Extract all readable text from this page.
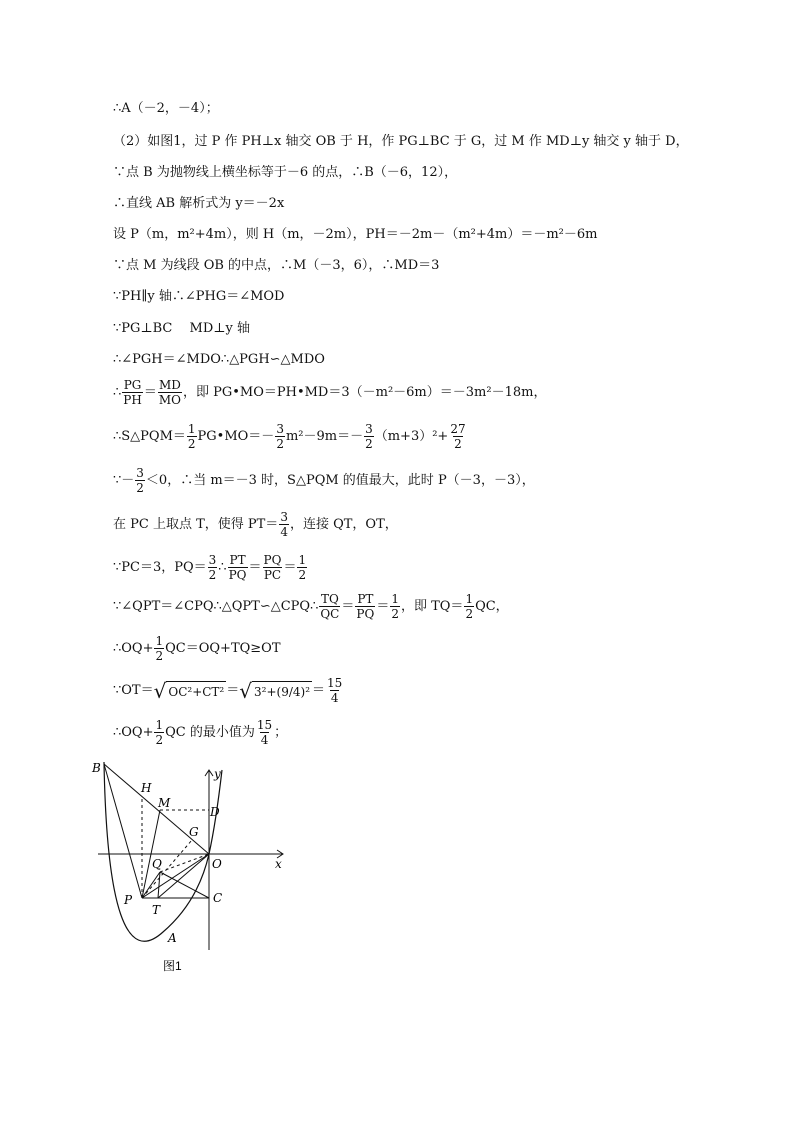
∴A（－2，－4）；
（2）如图1，过 P 作 PH⊥x 轴交 OB 于 H，作 PG⊥BC 于 G，过 M 作 MD⊥y 轴交 y 轴于 D，
∵点 B 为抛物线上横坐标等于－6 的点，∴B（－6，12），
∴直线 AB 解析式为 y＝－2x
设 P（m，m²+4m），则 H（m，－2m），PH＝－2m－（m²+4m）＝－m²－6m
∵点 M 为线段 OB 的中点，∴M（－3，6），∴MD＝3
∵PH∥y 轴∴∠PHG＝∠MOD
∵PG⊥BC　 MD⊥y 轴
∴∠PGH＝∠MDO∴△PGH∽△MDO
∴ $\frac{PG}{PH} = \frac{MD}{MO}$ ，即 PG•MO＝PH•MD＝3（－m²－6m）＝－3m²－18m，
∴S△PQM＝ $\frac{1}{2}$ PG•MO＝－ $\frac{3}{2} m^2-9m=- \frac{3}{2} (m+3)^2+ \frac{27}{2}$
∵－ $\frac{3}{2} <0$，∴当 m＝－3 时，S△PQM 的值最大，此时 P（－3，－3），
在 PC 上取点 T，使得 $PT= \frac{3}{4}$ ，连接 QT，OT，
∵PC＝3，$PQ= \frac{3}{2}$ ∴ $\frac{PT}{PQ} = \frac{PQ}{PC} = \frac{1}{2}$
∵∠QPT＝∠CPQ∴△QPT∽△CPQ∴ $\frac{TQ}{QC} = \frac{PT}{PQ} = \frac{1}{2}$ ，即 $TQ= \frac{1}{2}$ QC，
∴OQ+ $\frac{1}{2} QC=OQ+TQ\ge OT$
∵OT＝ √ OC²+CT² ＝ √ $3^2+(9/4)^2 = \frac{15}{4}$
∴OQ+ $\frac{1}{2}$ QC 的最小值为 $\frac{15}{4}$ ；
B
H
M
D
G
Q	O	x
y
P
T
C
A
图1
